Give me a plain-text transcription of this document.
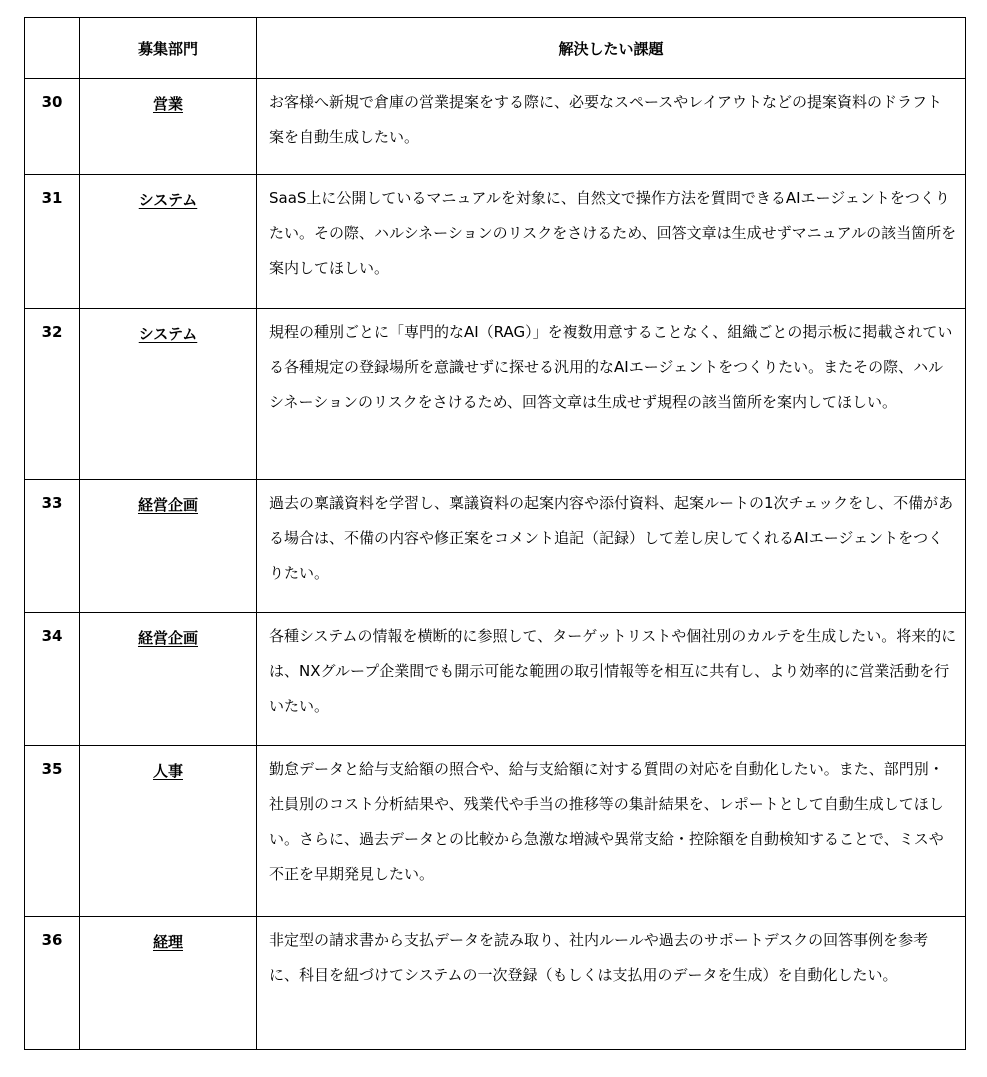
	募集部門	解決したい課題
30	営業	お客様へ新規で倉庫の営業提案をする際に、必要なスペースやレイアウトなどの提案資料のドラフト案を自動生成したい。
31	システム	SaaS上に公開しているマニュアルを対象に、自然文で操作方法を質問できるAIエージェントをつくりたい。その際、ハルシネーションのリスクをさけるため、回答文章は生成せずマニュアルの該当箇所を案内してほしい。
32	システム	規程の種別ごとに「専門的なAI（RAG）」を複数用意することなく、組織ごとの掲示板に掲載されている各種規定の登録場所を意識せずに探せる汎用的なAIエージェントをつくりたい。またその際、ハルシネーションのリスクをさけるため、回答文章は生成せず規程の該当箇所を案内してほしい。
33	経営企画	過去の稟議資料を学習し、稟議資料の起案内容や添付資料、起案ルートの1次チェックをし、不備がある場合は、不備の内容や修正案をコメント追記（記録）して差し戻してくれるAIエージェントをつくりたい。
34	経営企画	各種システムの情報を横断的に参照して、ターゲットリストや個社別のカルテを生成したい。将来的には、NXグループ企業間でも開示可能な範囲の取引情報等を相互に共有し、より効率的に営業活動を行いたい。
35	人事	勤怠データと給与支給額の照合や、給与支給額に対する質問の対応を自動化したい。また、部門別・社員別のコスト分析結果や、残業代や手当の推移等の集計結果を、レポートとして自動生成してほしい。さらに、過去データとの比較から急激な増減や異常支給・控除額を自動検知することで、ミスや不正を早期発見したい。
36	経理	非定型の請求書から支払データを読み取り、社内ルールや過去のサポートデスクの回答事例を参考に、科目を紐づけてシステムの一次登録（もしくは支払用のデータを生成）を自動化したい。
